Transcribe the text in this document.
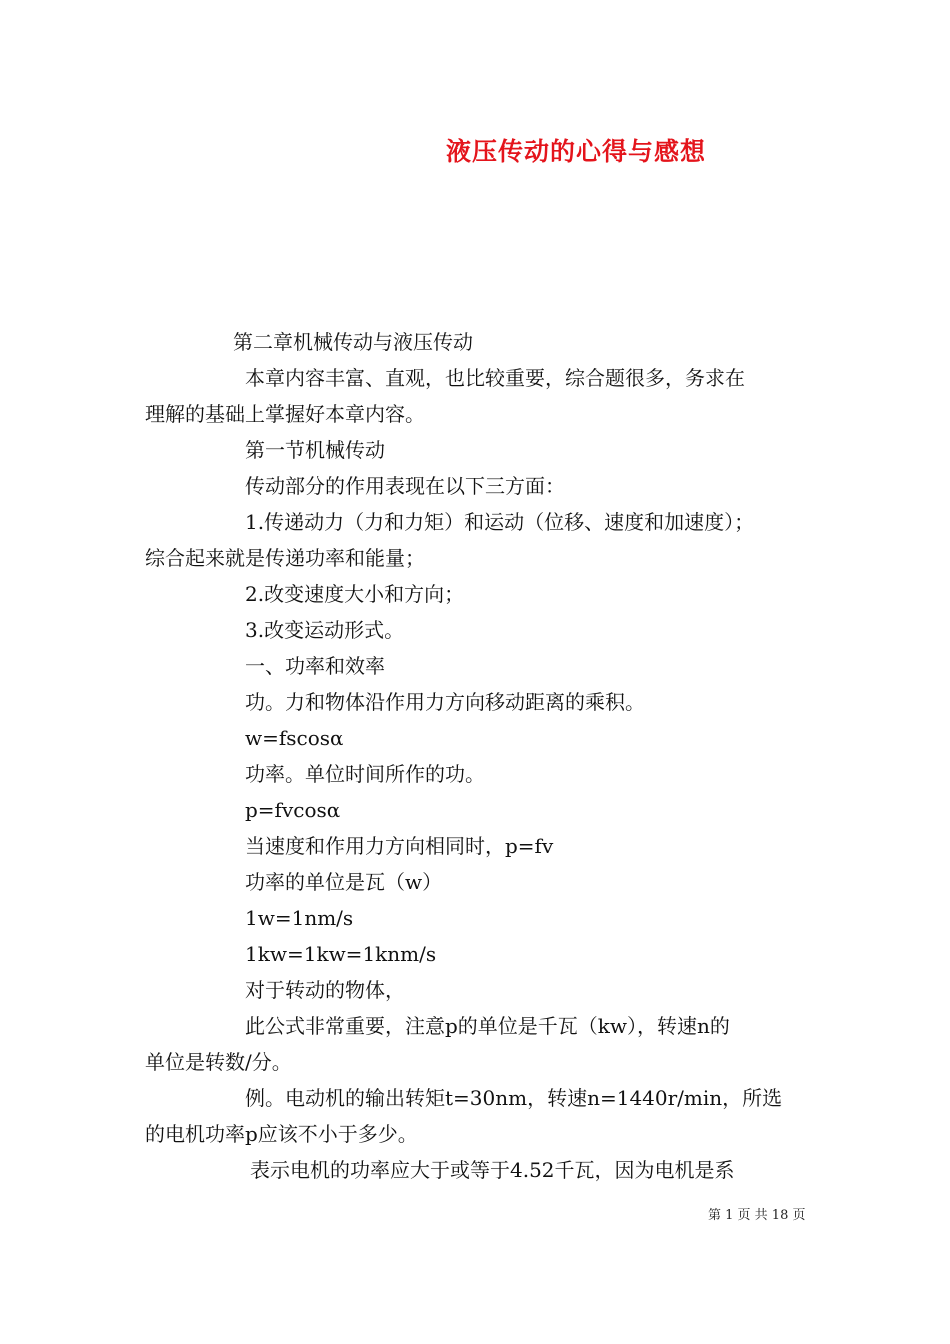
液压传动的心得与感想
第二章机械传动与液压传动
本章内容丰富、直观，也比较重要，综合题很多，务求在
理解的基础上掌握好本章内容。
第一节机械传动
传动部分的作用表现在以下三方面：
1.传递动力（力和力矩）和运动（位移、速度和加速度）；
综合起来就是传递功率和能量；
2.改变速度大小和方向；
3.改变运动形式。
一、功率和效率
功。力和物体沿作用力方向移动距离的乘积。
w=fscosα
功率。单位时间所作的功。
p=fvcosα
当速度和作用力方向相同时，p=fv
功率的单位是瓦（w）
1w=1nm/s
1kw=1kw=1knm/s
对于转动的物体，
此公式非常重要，注意p的单位是千瓦（kw），转速n的
单位是转数/分。
例。电动机的输出转矩t=30nm，转速n=1440r/min，所选
的电机功率p应该不小于多少。
表示电机的功率应大于或等于4.52千瓦，因为电机是系
第 1 页 共 18 页
